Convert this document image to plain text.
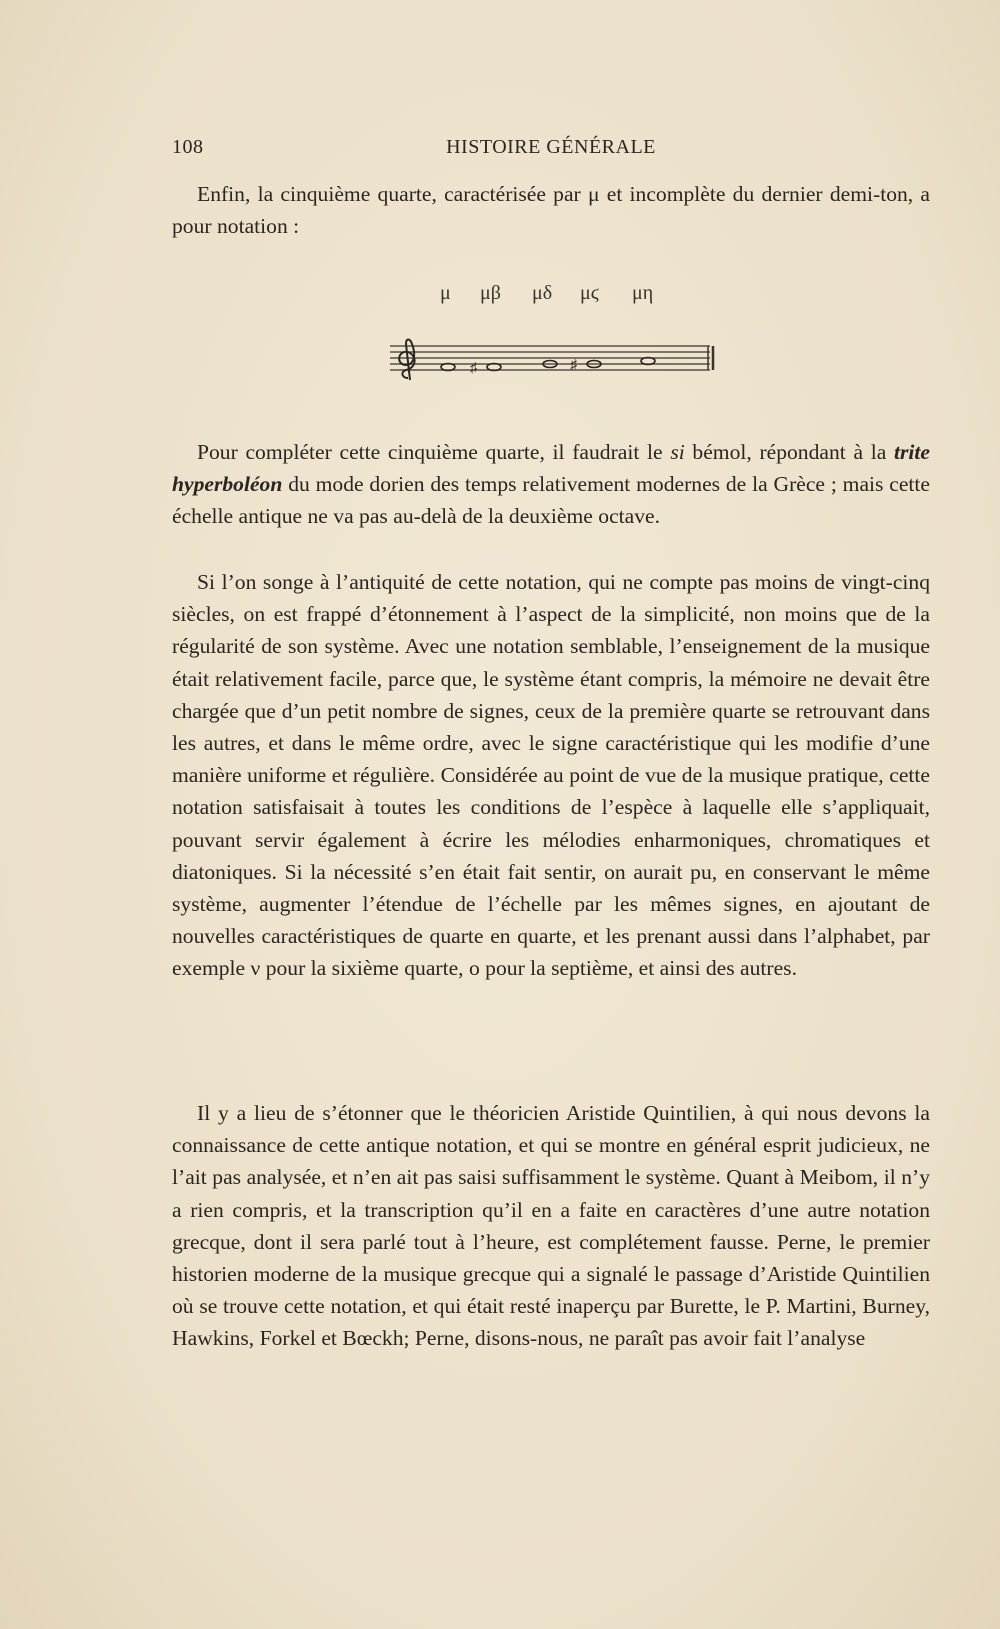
108	HISTOIRE GÉNÉRALE

Enfin, la cinquième quarte, caractérisée par μ et incomplète du dernier demi-ton, a pour notation :

μ μβ μδ μϛ μη
♯	♯

Pour compléter cette cinquième quarte, il faudrait le si bémol, répondant à la trite hyperboléon du mode dorien des temps relativement modernes de la Grèce ; mais cette échelle antique ne va pas au-delà de la deuxième octave.

Si l’on songe à l’antiquité de cette notation, qui ne compte pas moins de vingt-cinq siècles, on est frappé d’étonnement à l’aspect de la simplicité, non moins que de la régularité de son système. Avec une notation semblable, l’enseignement de la musique était relativement facile, parce que, le système étant compris, la mémoire ne devait être chargée que d’un petit nombre de signes, ceux de la première quarte se retrouvant dans les autres, et dans le même ordre, avec le signe caractéristique qui les modifie d’une manière uniforme et régulière. Considérée au point de vue de la musique pratique, cette notation satisfaisait à toutes les conditions de l’espèce à laquelle elle s’appliquait, pouvant servir également à écrire les mélodies enharmoniques, chromatiques et diatoniques. Si la nécessité s’en était fait sentir, on aurait pu, en conservant le même système, augmenter l’étendue de l’échelle par les mêmes signes, en ajoutant de nouvelles caractéristiques de quarte en quarte, et les prenant aussi dans l’alphabet, par exemple ν pour la sixième quarte, ο pour la septième, et ainsi des autres.

Il y a lieu de s’étonner que le théoricien Aristide Quintilien, à qui nous devons la connaissance de cette antique notation, et qui se montre en général esprit judicieux, ne l’ait pas analysée, et n’en ait pas saisi suffisamment le système. Quant à Meibom, il n’y a rien compris, et la transcription qu’il en a faite en caractères d’une autre notation grecque, dont il sera parlé tout à l’heure, est complétement fausse. Perne, le premier historien moderne de la musique grecque qui a signalé le passage d’Aristide Quintilien où se trouve cette notation, et qui était resté inaperçu par Burette, le P. Martini, Burney, Hawkins, Forkel et Bœckh; Perne, disons-nous, ne paraît pas avoir fait l’analyse
